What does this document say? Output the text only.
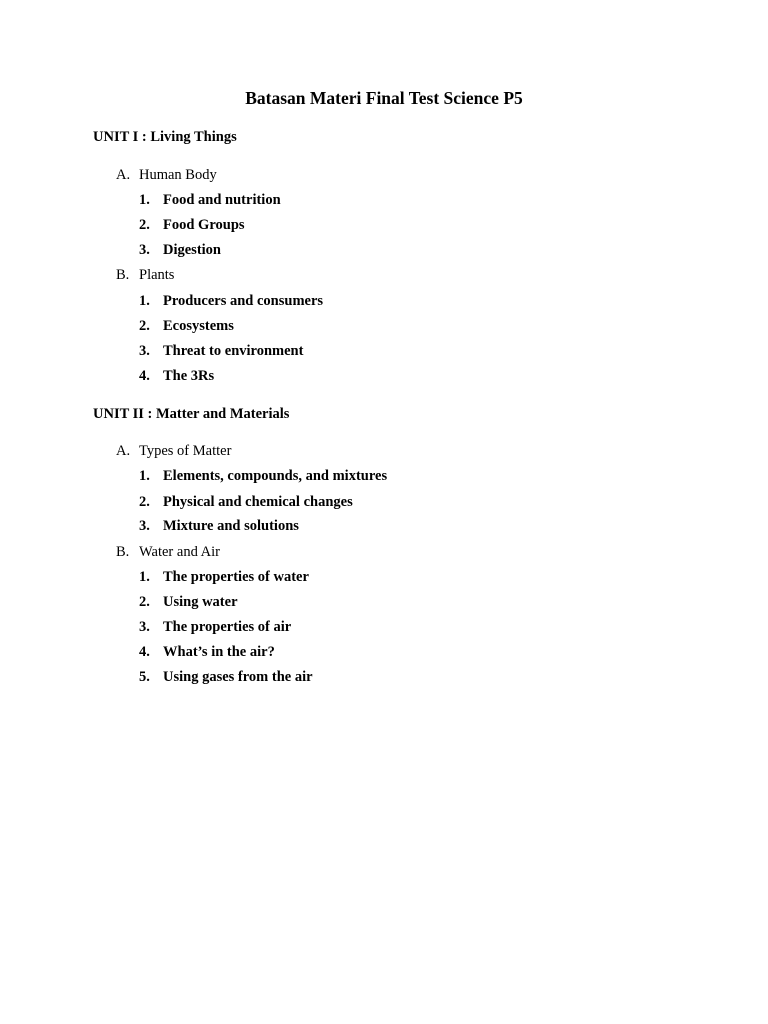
Batasan Materi Final Test Science P5

UNIT I : Living Things

A. Human Body

1. Food and nutrition

2. Food Groups

3. Digestion

B. Plants

1. Producers and consumers

2. Ecosystems

3. Threat to environment

4. The 3Rs

UNIT II : Matter and Materials

A. Types of Matter

1. Elements, compounds, and mixtures

2. Physical and chemical changes

3. Mixture and solutions

B. Water and Air

1. The properties of water

2. Using water

3. The properties of air

4. What’s in the air?

5. Using gases from the air
